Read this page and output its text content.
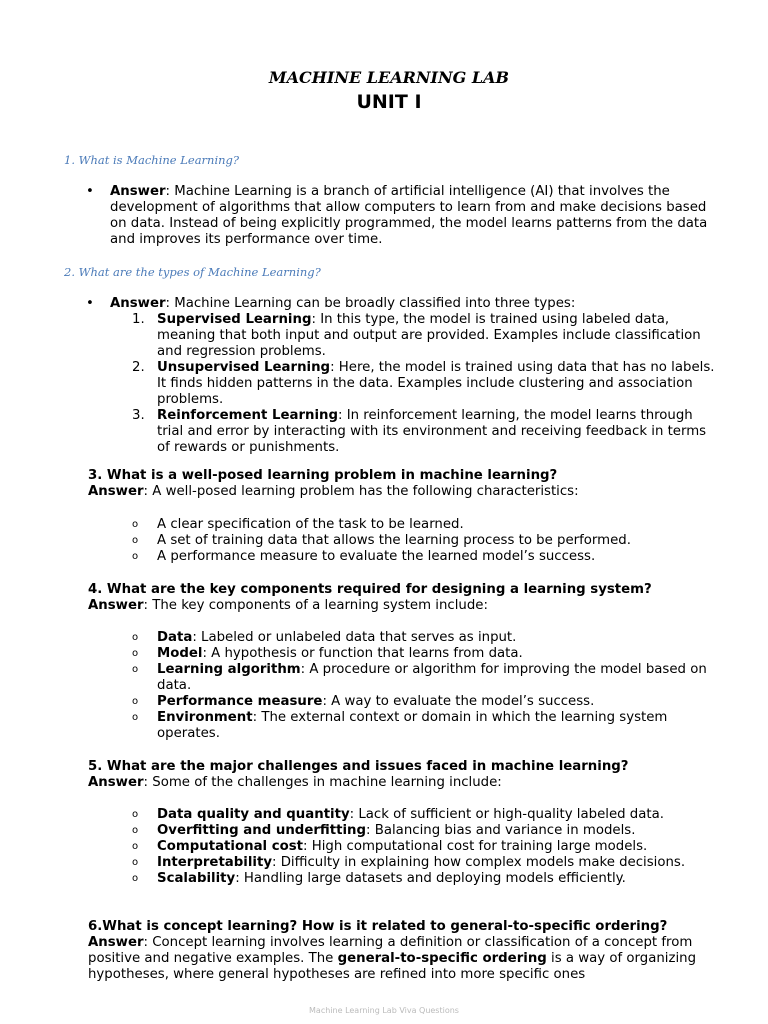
MACHINE LEARNING LAB
UNIT I
1. What is Machine Learning?
• Answer: Machine Learning is a branch of artificial intelligence (AI) that involves the development of algorithms that allow computers to learn from and make decisions based on data. Instead of being explicitly programmed, the model learns patterns from the data and improves its performance over time.
2. What are the types of Machine Learning?
• Answer: Machine Learning can be broadly classified into three types:
1. Supervised Learning: In this type, the model is trained using labeled data, meaning that both input and output are provided. Examples include classification and regression problems.
2. Unsupervised Learning: Here, the model is trained using data that has no labels. It finds hidden patterns in the data. Examples include clustering and association problems.
3. Reinforcement Learning: In reinforcement learning, the model learns through trial and error by interacting with its environment and receiving feedback in terms of rewards or punishments.
3. What is a well-posed learning problem in machine learning?
Answer: A well-posed learning problem has the following characteristics:
o A clear specification of the task to be learned.
o A set of training data that allows the learning process to be performed.
o A performance measure to evaluate the learned model’s success.
4. What are the key components required for designing a learning system?
Answer: The key components of a learning system include:
o Data: Labeled or unlabeled data that serves as input.
o Model: A hypothesis or function that learns from data.
o Learning algorithm: A procedure or algorithm for improving the model based on data.
o Performance measure: A way to evaluate the model’s success.
o Environment: The external context or domain in which the learning system operates.
5. What are the major challenges and issues faced in machine learning?
Answer: Some of the challenges in machine learning include:
o Data quality and quantity: Lack of sufficient or high-quality labeled data.
o Overfitting and underfitting: Balancing bias and variance in models.
o Computational cost: High computational cost for training large models.
o Interpretability: Difficulty in explaining how complex models make decisions.
o Scalability: Handling large datasets and deploying models efficiently.
6.What is concept learning? How is it related to general-to-specific ordering?
Answer: Concept learning involves learning a definition or classification of a concept from positive and negative examples. The general-to-specific ordering is a way of organizing hypotheses, where general hypotheses are refined into more specific ones
Machine Learning Lab Viva Questions
